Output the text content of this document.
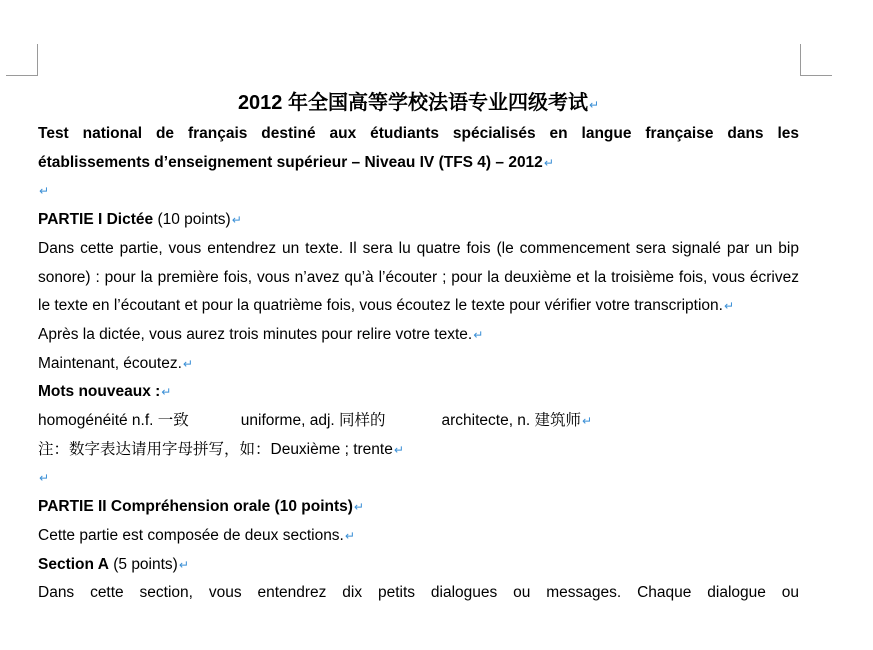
2012 年全国高等学校法语专业四级考试↵

Test national de français destiné aux étudiants spécialisés en langue française dans les établissements d’enseignement supérieur – Niveau IV (TFS 4) – 2012↵

↵

PARTIE I Dictée (10 points)↵

Dans cette partie, vous entendrez un texte. Il sera lu quatre fois (le commencement sera signalé par un bip sonore) : pour la première fois, vous n’avez qu’à l’écouter ; pour la deuxième et la troisième fois, vous écrivez le texte en l’écoutant et pour la quatrième fois, vous écoutez le texte pour vérifier votre transcription.↵

Après la dictée, vous aurez trois minutes pour relire votre texte.↵

Maintenant, écoutez.↵

Mots nouveaux :↵

homogénéité n.f. 一致	uniforme, adj. 同样的	architecte, n. 建筑师↵

注：数字表达请用字母拼写，如：Deuxième ; trente↵

↵

PARTIE II Compréhension orale (10 points)↵

Cette partie est composée de deux sections.↵

Section A (5 points)↵

Dans cette section, vous entendrez dix petits dialogues ou messages. Chaque dialogue ou
